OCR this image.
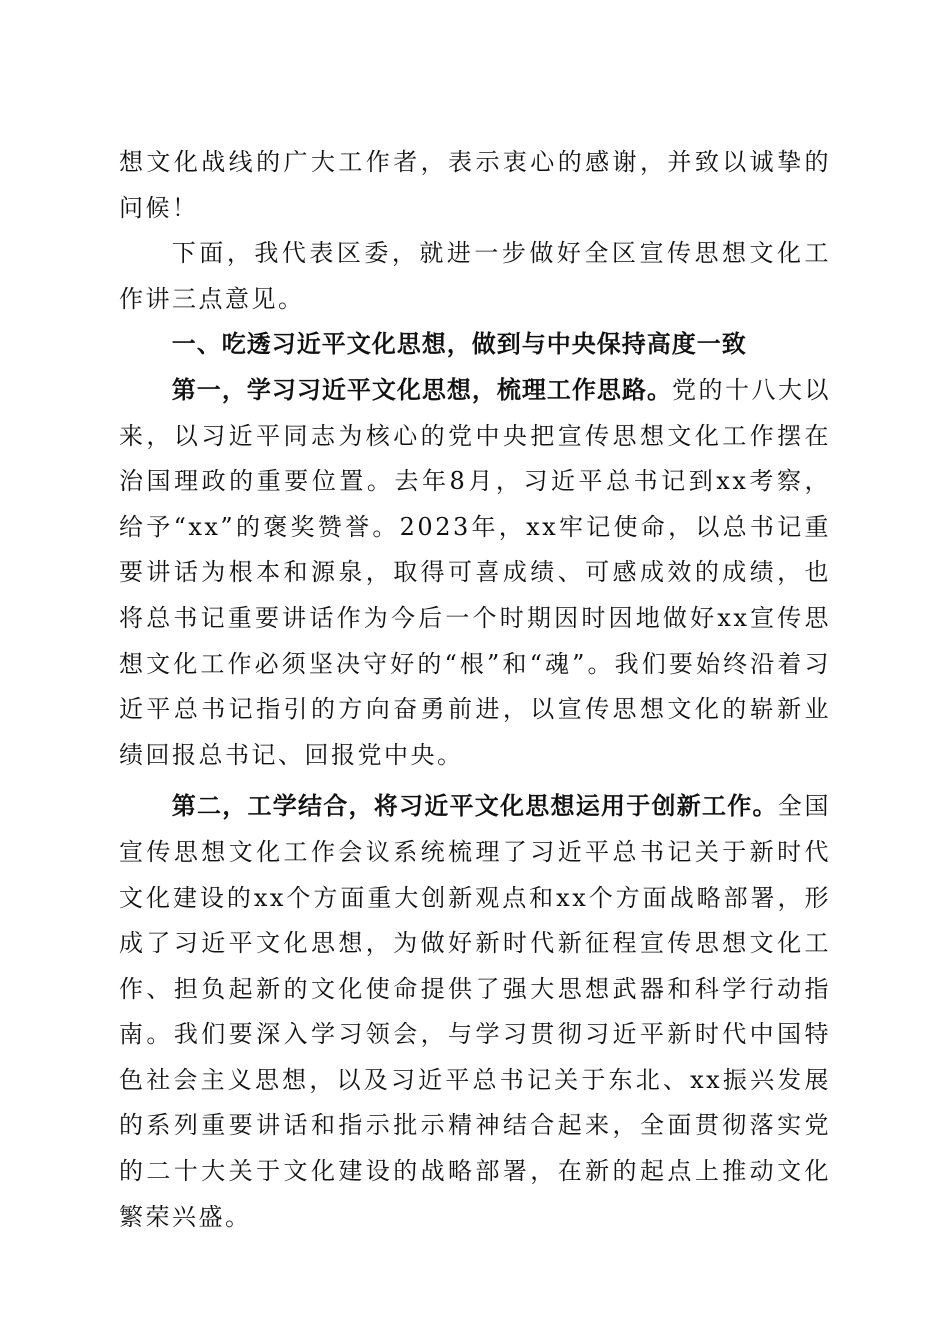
想文化战线的广大工作者，表示衷心的感谢，并致以诚挚的问候！

下面，我代表区委，就进一步做好全区宣传思想文化工作讲三点意见。

一、吃透习近平文化思想，做到与中央保持高度一致

第一，学习习近平文化思想，梳理工作思路。党的十八大以来，以习近平同志为核心的党中央把宣传思想文化工作摆在治国理政的重要位置。去年8月，习近平总书记到xx考察，给予“xx”的褒奖赞誉。2023年，xx牢记使命，以总书记重要讲话为根本和源泉，取得可喜成绩、可感成效的成绩，也将总书记重要讲话作为今后一个时期因时因地做好xx宣传思想文化工作必须坚决守好的“根”和“魂”。我们要始终沿着习近平总书记指引的方向奋勇前进，以宣传思想文化的崭新业绩回报总书记、回报党中央。

第二，工学结合，将习近平文化思想运用于创新工作。全国宣传思想文化工作会议系统梳理了习近平总书记关于新时代文化建设的xx个方面重大创新观点和xx个方面战略部署，形成了习近平文化思想，为做好新时代新征程宣传思想文化工作、担负起新的文化使命提供了强大思想武器和科学行动指南。我们要深入学习领会，与学习贯彻习近平新时代中国特色社会主义思想，以及习近平总书记关于东北、xx振兴发展的系列重要讲话和指示批示精神结合起来，全面贯彻落实党的二十大关于文化建设的战略部署，在新的起点上推动文化繁荣兴盛。
